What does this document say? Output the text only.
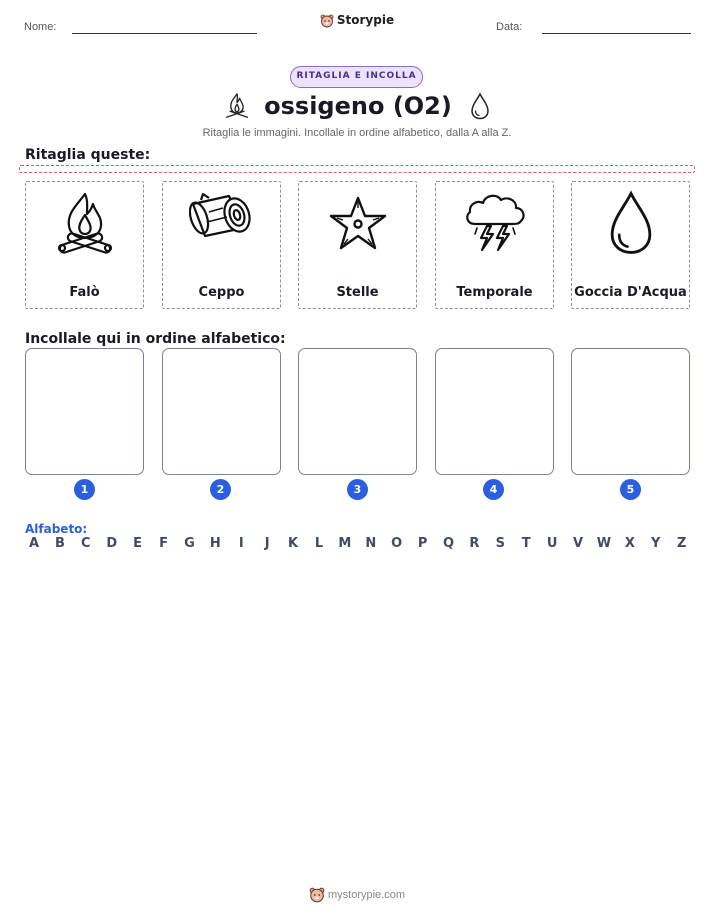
Nome:	Storypie	Data:
RITAGLIA E INCOLLA
ossigeno (O2)
Ritaglia le immagini. Incollale in ordine alfabetico, dalla A alla Z.
Ritaglia queste:
Falò	Ceppo	Stelle	Temporale	Goccia D'Acqua
Incollale qui in ordine alfabetico:
1	2	3	4	5
Alfabeto:
A	B	C	D	E	F	G H	I	J	K	L	M N O	P	Q	R	S	T	U	V	W	X	Y	Z
mystorypie.com
